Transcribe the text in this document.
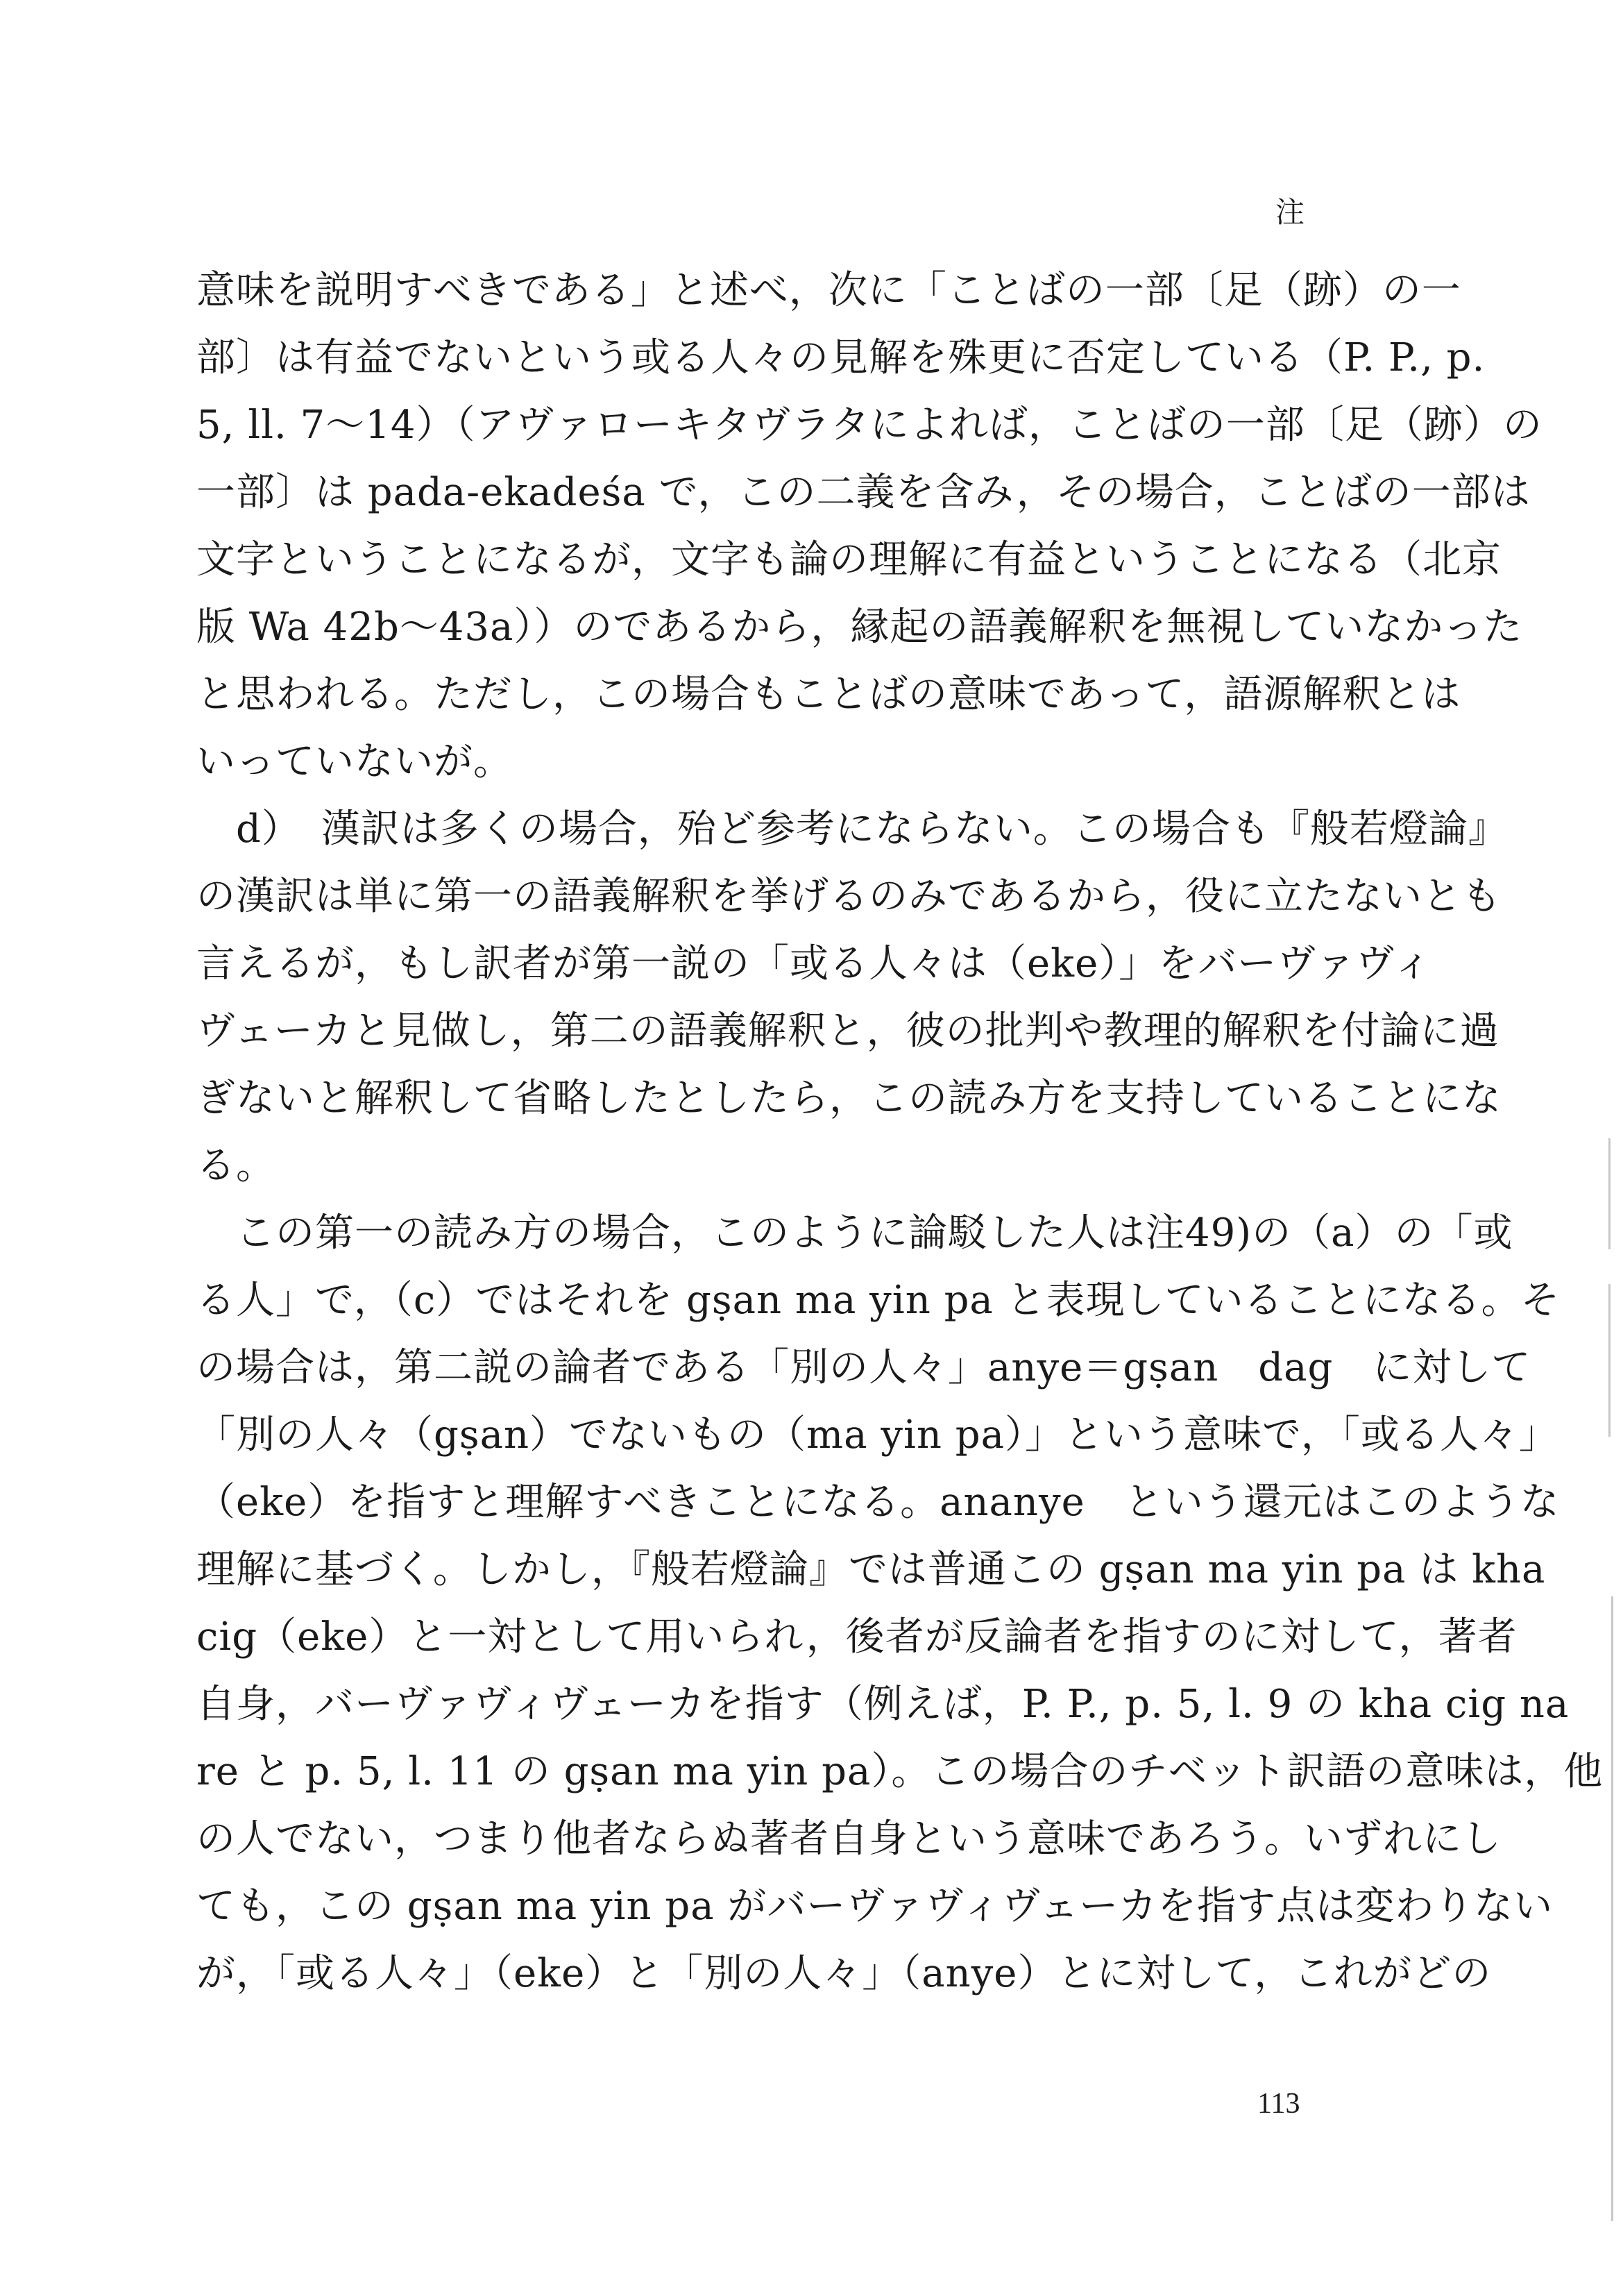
注
意味を説明すべきである」と述べ，次に「ことばの一部〔足（跡）の一
部〕は有益でないという或る人々の見解を殊更に否定している（P. P., p.
5, ll. 7～14）（アヴァローキタヴラタによれば，ことばの一部〔足（跡）の
一部〕は pada-ekadeśa で，この二義を含み，その場合，ことばの一部は
文字ということになるが，文字も論の理解に有益ということになる（北京
版 Wa 42b～43a））のであるから，縁起の語義解釈を無視していなかった
と思われる。ただし，この場合もことばの意味であって，語源解釈とは
いっていないが。
　d）　漢訳は多くの場合，殆ど参考にならない。この場合も『般若燈論』
の漢訳は単に第一の語義解釈を挙げるのみであるから，役に立たないとも
言えるが，もし訳者が第一説の「或る人々は（eke）」をバーヴァヴィ
ヴェーカと見做し，第二の語義解釈と，彼の批判や教理的解釈を付論に過
ぎないと解釈して省略したとしたら，この読み方を支持していることにな
る。
　この第一の読み方の場合，このように論駁した人は注49)の（a）の「或
る人」で，（c）ではそれを gṣan ma yin pa と表現していることになる。そ
の場合は，第二説の論者である「別の人々」anye＝gṣan　dag　に対して
「別の人々（gṣan）でないもの（ma yin pa）」という意味で，「或る人々」
（eke）を指すと理解すべきことになる。ananye　という還元はこのような
理解に基づく。しかし，『般若燈論』では普通この gṣan ma yin pa は kha
cig（eke）と一対として用いられ，後者が反論者を指すのに対して，著者
自身，バーヴァヴィヴェーカを指す（例えば，P. P., p. 5, l. 9 の kha cig na
re と p. 5, l. 11 の gṣan ma yin pa）。この場合のチベット訳語の意味は，他
の人でない，つまり他者ならぬ著者自身という意味であろう。いずれにし
ても，この gṣan ma yin pa がバーヴァヴィヴェーカを指す点は変わりない
が，「或る人々」（eke）と「別の人々」（anye）とに対して，これがどの
113
